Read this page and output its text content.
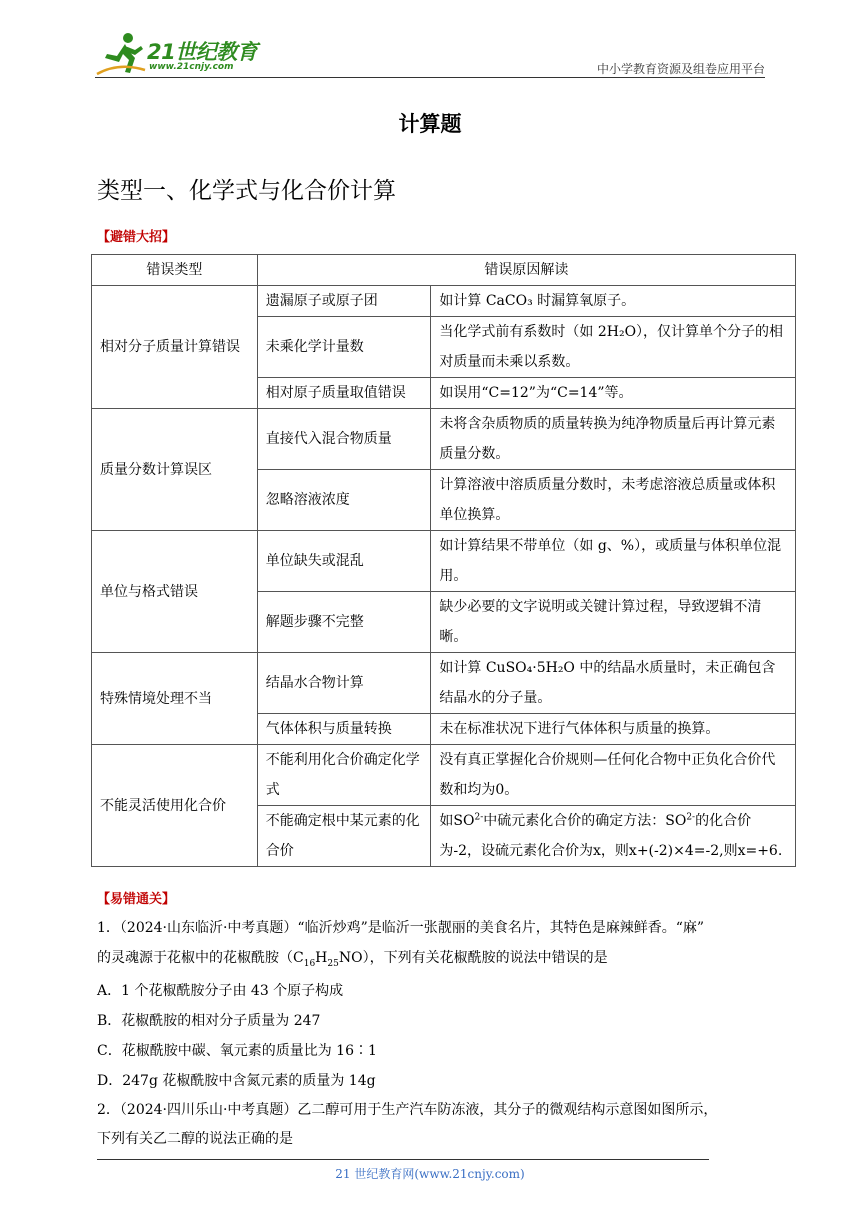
21世纪教育
www.21cnjy.com	中小学教育资源及组卷应用平台
计算题
类型一、化学式与化合价计算
【避错大招】
错误类型	错误原因解读	
相对分子质量计算错误	遗漏原子或原子团	如计算 CaCO₃ 时漏算氧原子。
	未乘化学计量数	当化学式前有系数时（如 2H₂O），仅计算单个分子的相对质量而未乘以系数。
	相对原子质量取值错误	如误用“C=12”为“C=14”等。
质量分数计算误区	直接代入混合物质量	未将含杂质物质的质量转换为纯净物质量后再计算元素质量分数。
	忽略溶液浓度	计算溶液中溶质质量分数时，未考虑溶液总质量或体积单位换算。
单位与格式错误	单位缺失或混乱	如计算结果不带单位（如 g、%），或质量与体积单位混用。
	解题步骤不完整	缺少必要的文字说明或关键计算过程，导致逻辑不清晰。
特殊情境处理不当	结晶水合物计算	如计算 CuSO₄·5H₂O 中的结晶水质量时，未正确包含结晶水的分子量。
	气体体积与质量转换	未在标准状况下进行气体体积与质量的换算。
不能灵活使用化合价	不能利用化合价确定化学式	没有真正掌握化合价规则—任何化合物中正负化合价代数和均为0。
	不能确定根中某元素的化合价	如$SO^{2-}$中硫元素化合价的确定方法：$SO^{2-}$的化合价为-2，设硫元素化合价为x，则x+(-2)×4=-2,则x=+6.
【易错通关】
1．（2024·山东临沂·中考真题）“临沂炒鸡”是临沂一张靓丽的美食名片，其特色是麻辣鲜香。“麻”
的灵魂源于花椒中的花椒酰胺$(C_{16}H_{25}NO)$，下列有关花椒酰胺的说法中错误的是
A．1 个花椒酰胺分子由 43 个原子构成
B．花椒酰胺的相对分子质量为 247
C．花椒酰胺中碳、氧元素的质量比为 16∶1
D．247g 花椒酰胺中含氮元素的质量为 14g
2．（2024·四川乐山·中考真题）乙二醇可用于生产汽车防冻液，其分子的微观结构示意图如图所示，
下列有关乙二醇的说法正确的是
21 世纪教育网(www.21cnjy.com)
